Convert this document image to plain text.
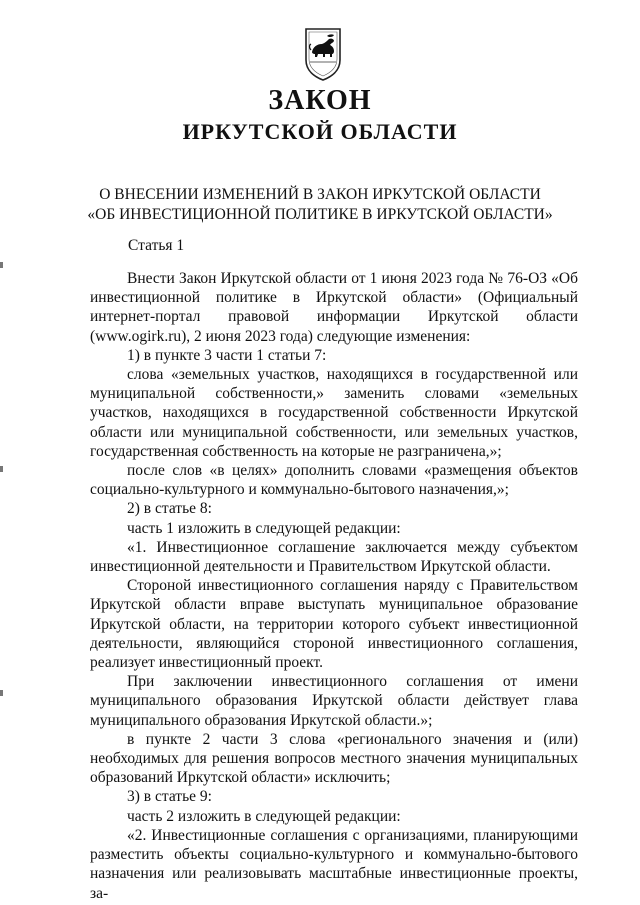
ЗАКОН
ИРКУТСКОЙ ОБЛАСТИ
О ВНЕСЕНИИ ИЗМЕНЕНИЙ В ЗАКОН ИРКУТСКОЙ ОБЛАСТИ
«ОБ ИНВЕСТИЦИОННОЙ ПОЛИТИКЕ В ИРКУТСКОЙ ОБЛАСТИ»
Статья 1

Внести Закон Иркутской области от 1 июня 2023 года № 76-ОЗ «Об инвестиционной политике в Иркутской области» (Официальный интернет-портал правовой информации Иркутской области (www.ogirk.ru), 2 июня 2023 года) следующие изменения:

1) в пункте 3 части 1 статьи 7:

слова «земельных участков, находящихся в государственной или муниципальной собственности,» заменить словами «земельных участков, находящихся в государственной собственности Иркутской области или муниципальной собственности, или земельных участков, государственная собственность на которые не разграничена,»;

после слов «в целях» дополнить словами «размещения объектов социально-культурного и коммунально-бытового назначения,»;

2) в статье 8:

часть 1 изложить в следующей редакции:

«1. Инвестиционное соглашение заключается между субъектом инвестиционной деятельности и Правительством Иркутской области.

Стороной инвестиционного соглашения наряду с Правительством Иркутской области вправе выступать муниципальное образование Иркутской области, на территории которого субъект инвестиционной деятельности, являющийся стороной инвестиционного соглашения, реализует инвестиционный проект.

При заключении инвестиционного соглашения от имени муниципального образования Иркутской области действует глава муниципального образования Иркутской области.»;

в пункте 2 части 3 слова «регионального значения и (или) необходимых для решения вопросов местного значения муниципальных образований Иркутской области» исключить;

3) в статье 9:

часть 2 изложить в следующей редакции:

«2. Инвестиционные соглашения с организациями, планирующими разместить объекты социально-культурного и коммунально-бытового назначения или реализовывать масштабные инвестиционные проекты, за-
